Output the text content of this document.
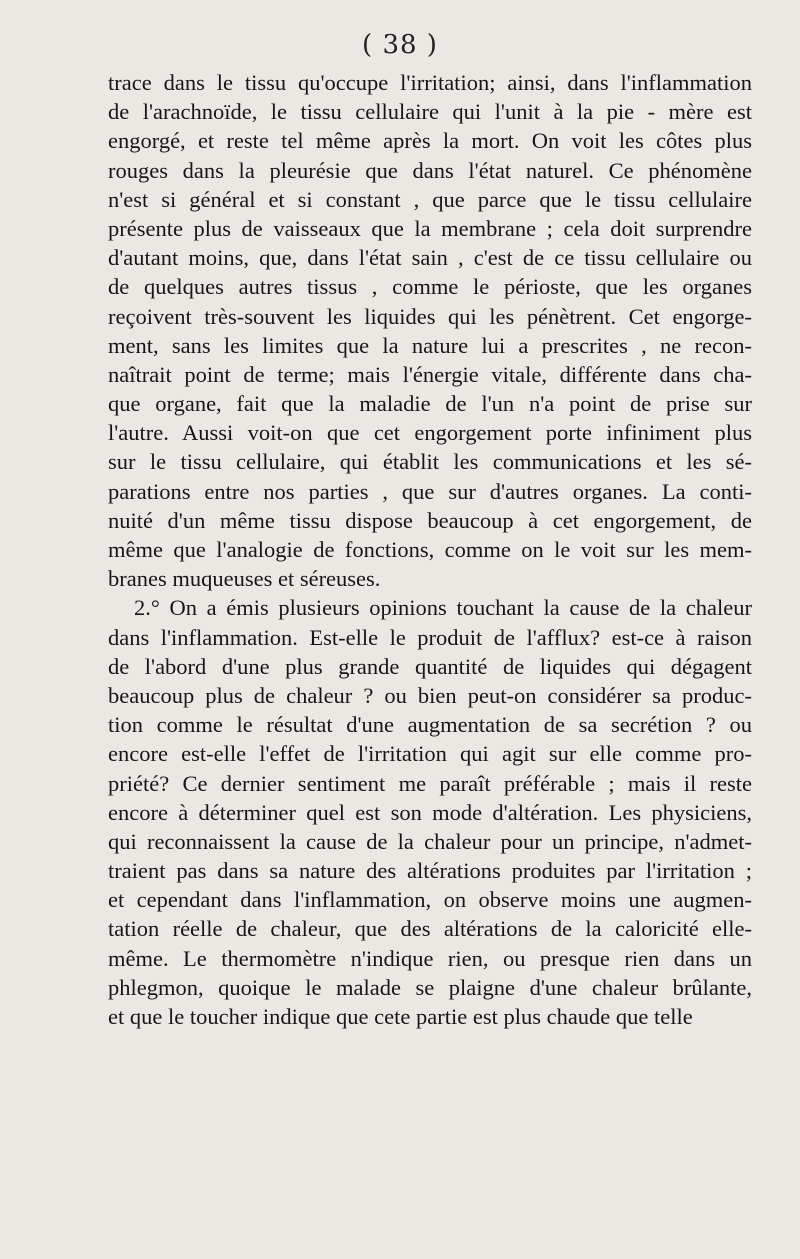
( 38 )
trace dans le tissu qu'occupe l'irritation; ainsi, dans l'inflammation
de l'arachnoïde, le tissu cellulaire qui l'unit à la pie - mère est
engorgé, et reste tel même après la mort. On voit les côtes plus
rouges dans la pleurésie que dans l'état naturel. Ce phénomène
n'est si général et si constant , que parce que le tissu cellulaire
présente plus de vaisseaux que la membrane ; cela doit surprendre
d'autant moins, que, dans l'état sain , c'est de ce tissu cellulaire ou
de quelques autres tissus , comme le périoste, que les organes
reçoivent très-souvent les liquides qui les pénètrent. Cet engorge-
ment, sans les limites que la nature lui a prescrites , ne recon-
naîtrait point de terme; mais l'énergie vitale, différente dans cha-
que organe, fait que la maladie de l'un n'a point de prise sur
l'autre. Aussi voit-on que cet engorgement porte infiniment plus
sur le tissu cellulaire, qui établit les communications et les sé-
parations entre nos parties , que sur d'autres organes. La conti-
nuité d'un même tissu dispose beaucoup à cet engorgement, de
même que l'analogie de fonctions, comme on le voit sur les mem-
branes muqueuses et séreuses.
2.° On a émis plusieurs opinions touchant la cause de la chaleur
dans l'inflammation. Est-elle le produit de l'afflux? est-ce à raison
de l'abord d'une plus grande quantité de liquides qui dégagent
beaucoup plus de chaleur ? ou bien peut-on considérer sa produc-
tion comme le résultat d'une augmentation de sa secrétion ? ou
encore est-elle l'effet de l'irritation qui agit sur elle comme pro-
priété? Ce dernier sentiment me paraît préférable ; mais il reste
encore à déterminer quel est son mode d'altération. Les physiciens,
qui reconnaissent la cause de la chaleur pour un principe, n'admet-
traient pas dans sa nature des altérations produites par l'irritation ;
et cependant dans l'inflammation, on observe moins une augmen-
tation réelle de chaleur, que des altérations de la caloricité elle-
même. Le thermomètre n'indique rien, ou presque rien dans un
phlegmon, quoique le malade se plaigne d'une chaleur brûlante,
et que le toucher indique que cete partie est plus chaude que telle
